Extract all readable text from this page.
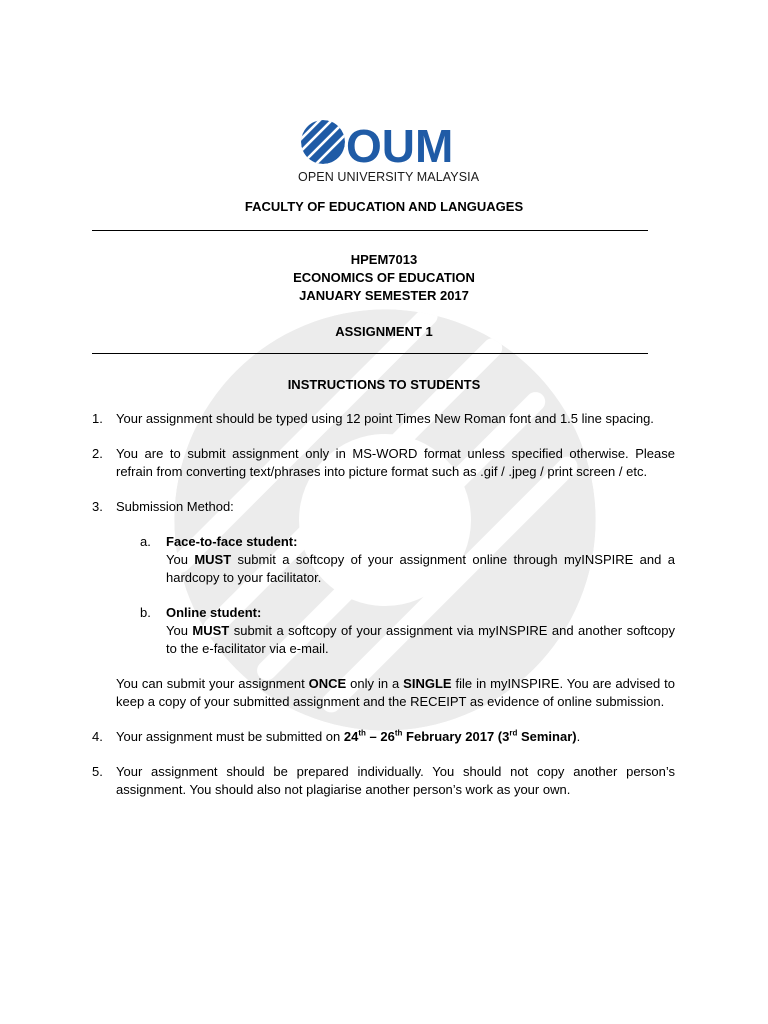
OUM
OPEN UNIVERSITY MALAYSIA
FACULTY OF EDUCATION AND LANGUAGES
HPEM7013
ECONOMICS OF EDUCATION
JANUARY SEMESTER 2017
ASSIGNMENT 1
INSTRUCTIONS TO STUDENTS
1. Your assignment should be typed using 12 point Times New Roman font and 1.5 line spacing.
2. You are to submit assignment only in MS-WORD format unless specified otherwise. Please refrain from converting text/phrases into picture format such as .gif / .jpeg / print screen / etc.
3. Submission Method:
a. Face-to-face student:
You MUST submit a softcopy of your assignment online through myINSPIRE and a hardcopy to your facilitator.
b. Online student:
You MUST submit a softcopy of your assignment via myINSPIRE and another softcopy to the e-facilitator via e-mail.
You can submit your assignment ONCE only in a SINGLE file in myINSPIRE. You are advised to keep a copy of your submitted assignment and the RECEIPT as evidence of online submission.
4. Your assignment must be submitted on 24th – 26th February 2017 (3rd Seminar).
5. Your assignment should be prepared individually. You should not copy another person’s assignment. You should also not plagiarise another person’s work as your own.
